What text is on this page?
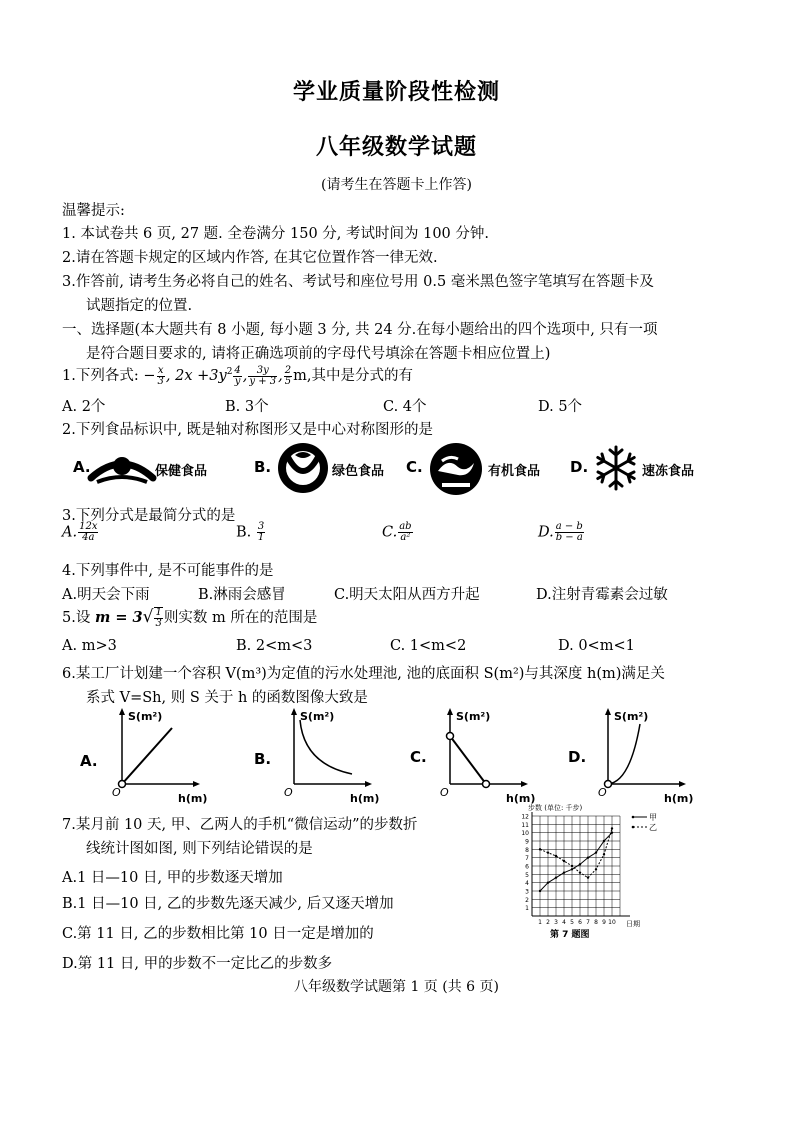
学业质量阶段性检测
八年级数学试题
(请考生在答题卡上作答)
温馨提示:
1. 本试卷共 6 页, 27 题. 全卷满分 150 分, 考试时间为 100 分钟.
2.请在答题卡规定的区域内作答, 在其它位置作答一律无效.
3.作答前, 请考生务必将自己的姓名、考试号和座位号用 0.5 毫米黑色签字笔填写在答题卡及
试题指定的位置.
一、选择题(本大题共有 8 小题, 每小题 3 分, 共 24 分.在每小题给出的四个选项中, 只有一项
是符合题目要求的, 请将正确选项前的字母代号填涂在答题卡相应位置上)
1.下列各式: − $\frac{x}{3}$ , $2x +3y^2 \frac{4}{y}$ , $\frac{3y}{y + 3}$ , $\frac{2}{5} m$,其中是分式的有
A. 2个	B. 3个	C. 4个	D. 5个
2.下列食品标识中, 既是轴对称图形又是中心对称图形的是
A.	保健食品	B.	绿色食品 C.	有机食品 D.	速冻食品
3.下列分式是最简分式的是
A. $\frac{12x}{4a}$	B. $\frac{3}{1}$	C. $\frac{ab}{\text{a²}}$	D. $\frac{a - b}{b - a}$
4.下列事件中, 是不可能事件的是
A.明天会下雨	B.淋雨会感冒	C.明天太阳从西方升起	D.注射青霉素会过敏
5.设 $m = 3√ \frac{1}{3}$ 则实数 m 所在的范围是
A. m>3	B. 2<m<3	C. 1<m<2	D. 0<m<1
6.某工厂计划建一个容积 V(m³)为定值的污水处理池, 池的底面积 S(m²)与其深度 h(m)满足关
系式 V=Sh, 则 S 关于 h 的函数图像大致是
A.
S(m²)
O	h(m)
B.
S(m²)
O	h(m)
C.
S(m²)
O	h(m)
D.
S(m²)
O	h(m)
7.某月前 10 天, 甲、乙两人的手机“微信运动”的步数折
线统计图如图, 则下列结论错误的是
A.1 日—10 日, 甲的步数逐天增加
B.1 日—10 日, 乙的步数先逐天减少, 后又逐天增加
C.第 11 日, 乙的步数相比第 10 日一定是增加的
D.第 11 日, 甲的步数不一定比乙的步数多
1
2
3
4
5
6
7
8
9
10
11
12
1 2 3 4 5 6 7 8 9 10
步数 (单位: 千步)
日期
甲
乙
第 7 题图
八年级数学试题第 1 页 (共 6 页)
